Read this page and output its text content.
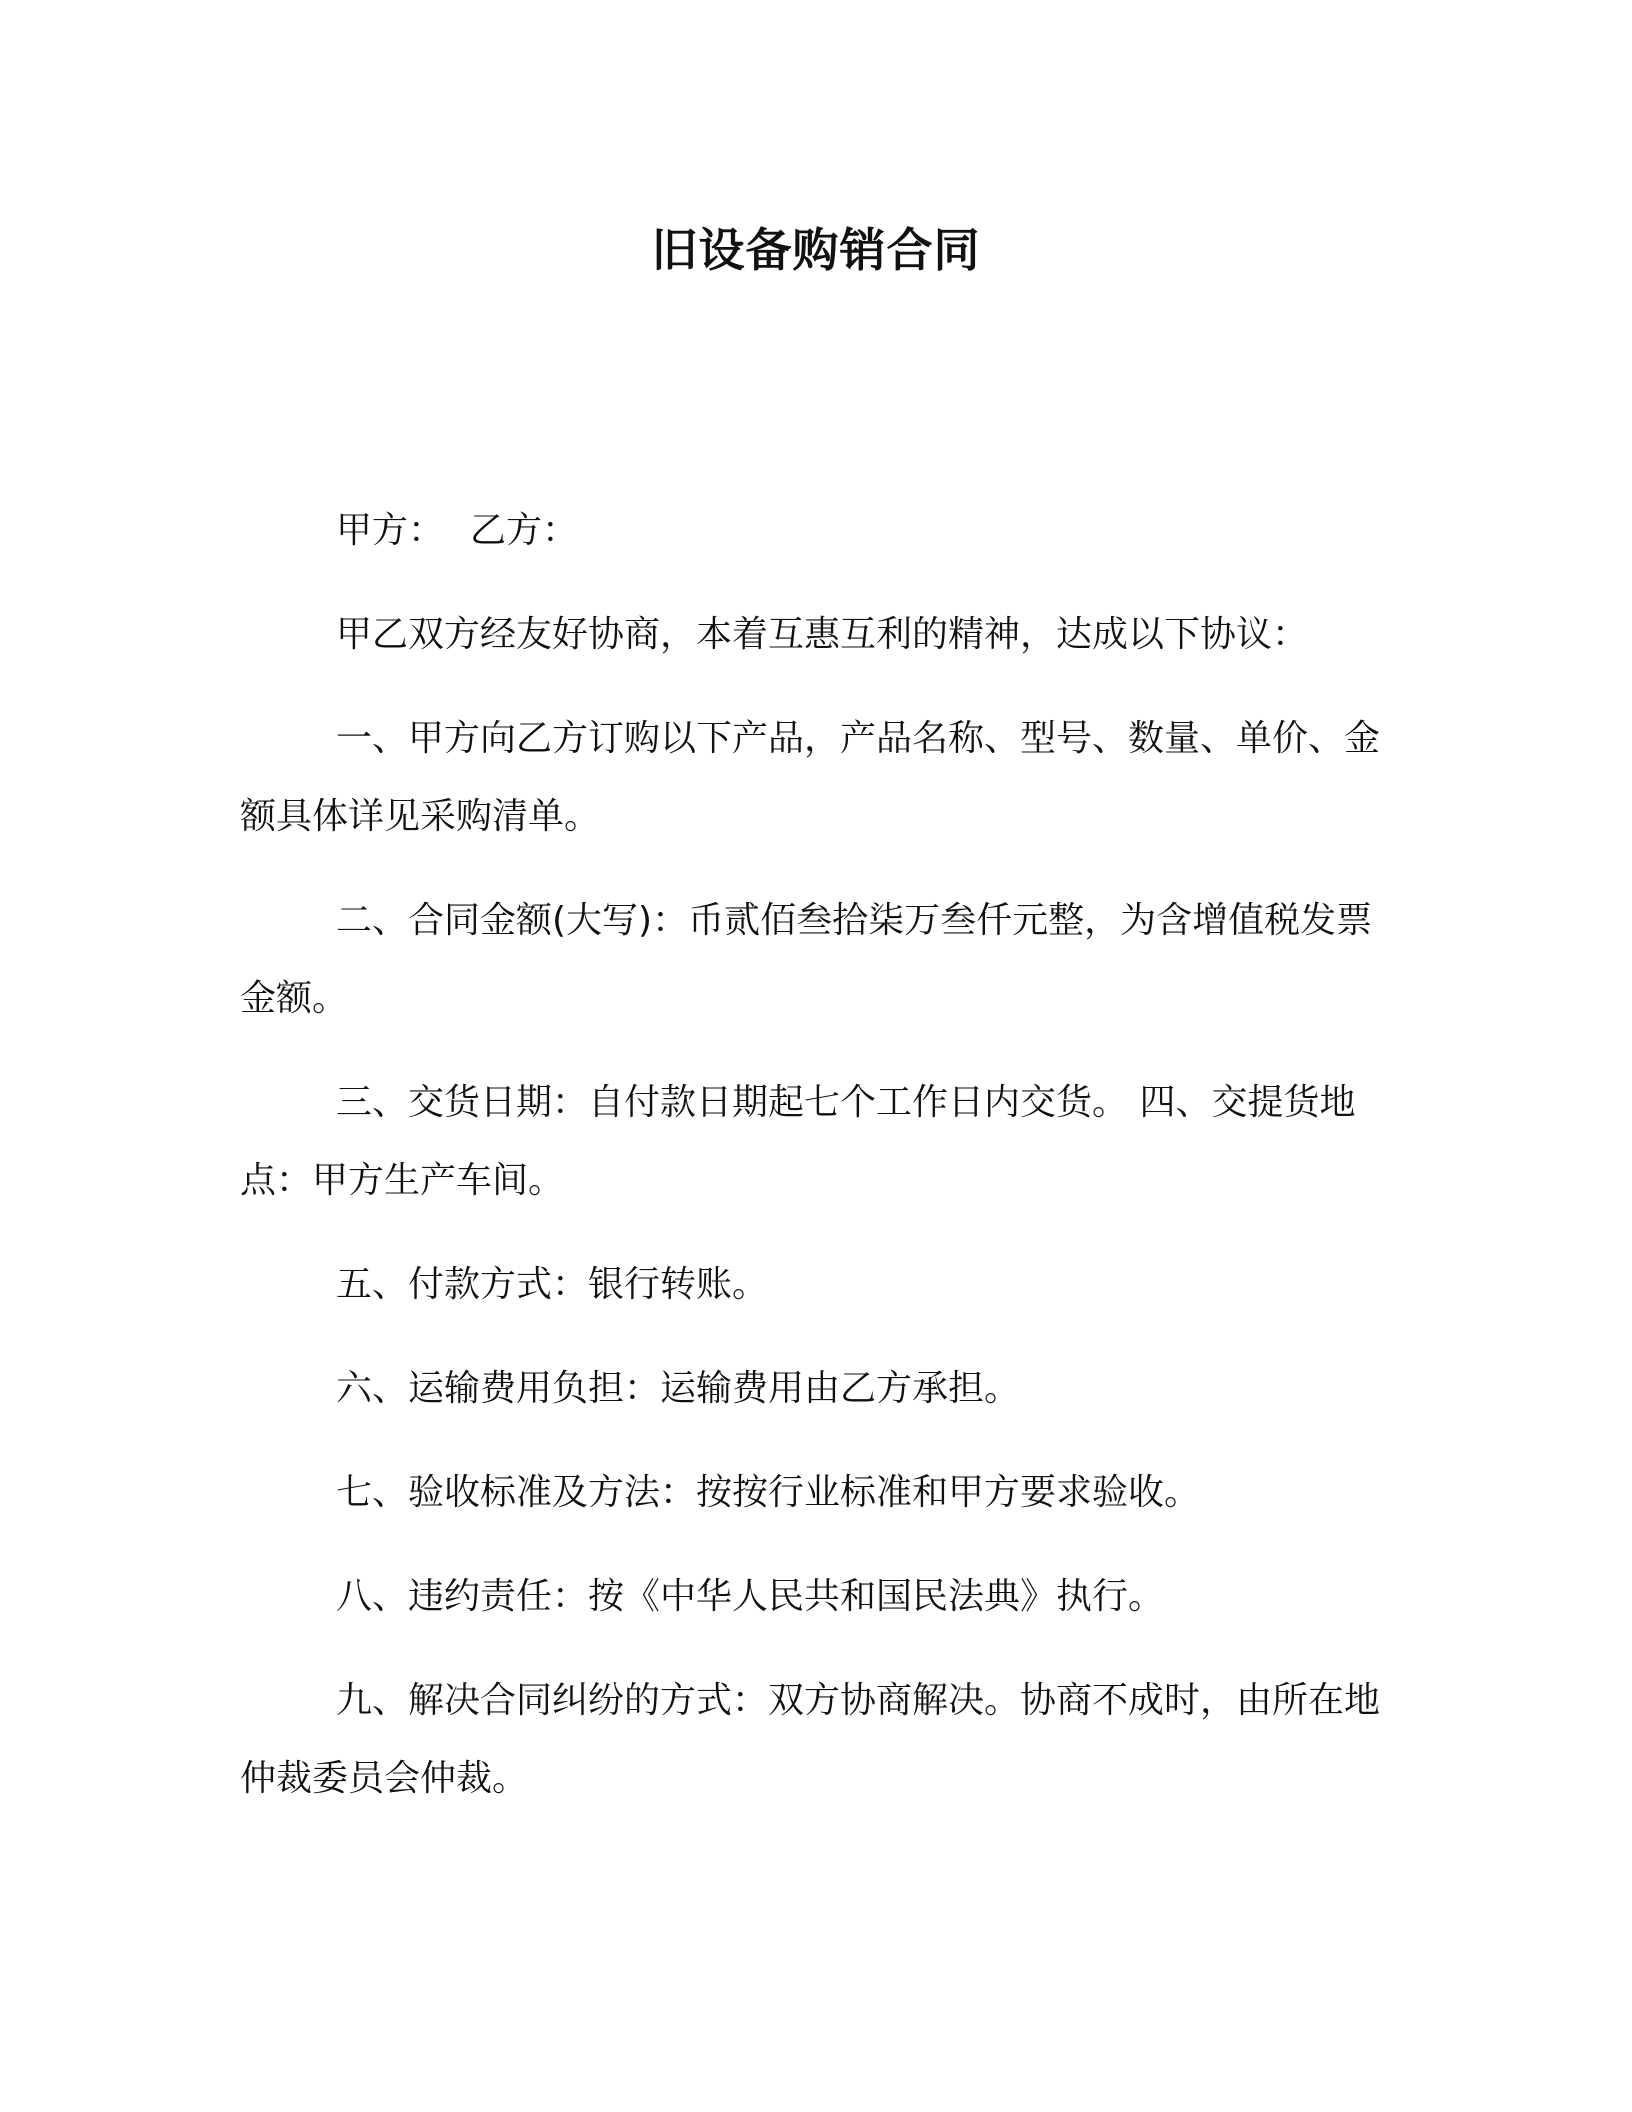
旧设备购销合同

甲方： 乙方：

甲乙双方经友好协商，本着互惠互利的精神，达成以下协议：

一、甲方向乙方订购以下产品，产品名称、型号、数量、单价、金额具体详见采购清单。

二、合同金额(大写)：币贰佰叁拾柒万叁仟元整，为含增值税发票金额。

三、交货日期：自付款日期起七个工作日内交货。 四、交提货地点：甲方生产车间。

五、付款方式：银行转账。

六、运输费用负担：运输费用由乙方承担。

七、验收标准及方法：按按行业标准和甲方要求验收。

八、违约责任：按《中华人民共和国民法典》执行。

九、解决合同纠纷的方式：双方协商解决。协商不成时，由所在地仲裁委员会仲裁。
